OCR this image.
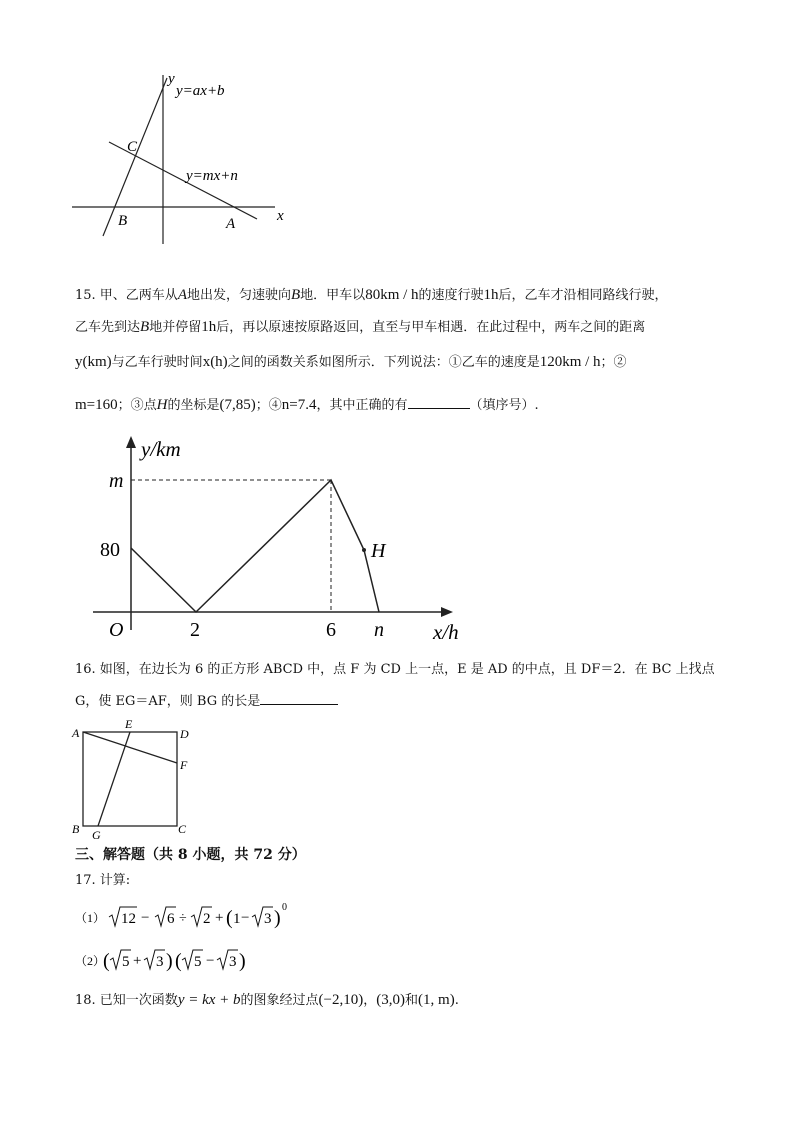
y
y=ax+b
C
y=mx+n
B	A	x
15. 甲、乙两车从A地出发，匀速驶向B地．甲车以80km / h的速度行驶1h后，乙车才沿相同路线行驶，
乙车先到达B地并停留1h后，再以原速按原路返回，直至与甲车相遇．在此过程中，两车之间的距离
y(km)与乙车行驶时间x(h)之间的函数关系如图所示．下列说法：①乙车的速度是120km / h；②
m=160；③点H的坐标是(7,85)；④n=7.4，其中正确的有	（填序号）.
y/km
m
80	H
O	2	6 n x/h
16. 如图，在边长为 6 的正方形 ABCD 中，点 F 为 CD 上一点，E 是 AD 的中点，且 DF＝2．在 BC 上找点
G，使 EG＝AF，则 BG 的长是
A
E
D
F
B G	C
三、解答题（共 8 小题，共 72 分）
17. 计算:
（1） 12 − 6 ÷ 2 + ( 1 − 3 ) 0
（2）
( 5 + 3 ) ( 5 − 3 )
18. 已知一次函数y = kx + b的图象经过点(−2,10)，(3,0)和(1, m).
